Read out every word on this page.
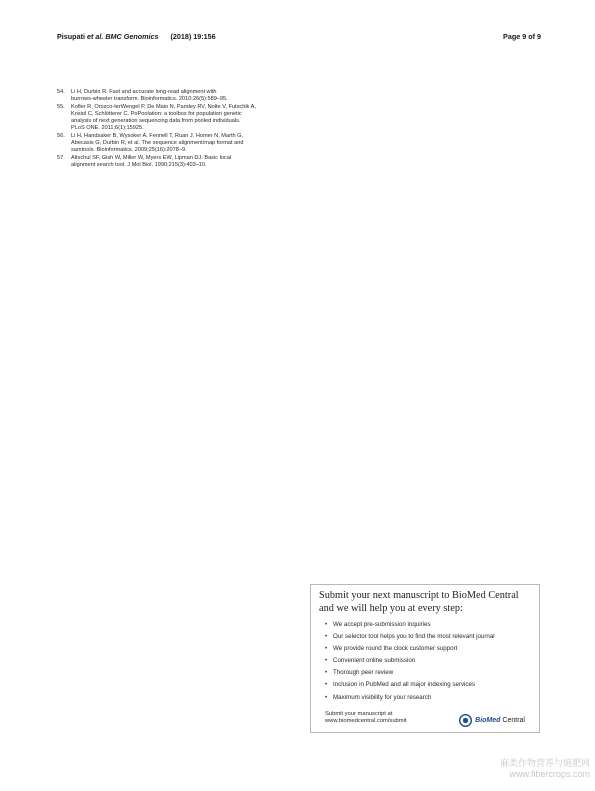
Pisupati et al. BMC Genomics (2018) 19:156	Page 9 of 9
54. Li H, Durbin R. Fast and accurate long-read alignment with
burrows-wheeler transform. Bioinformatics. 2010;26(5):589–95.
55. Kofler R, Orozco-terWengel P, De Maio N, Pandey RV, Nolte V, Futschik A,
Kosiol C, Schlötterer C. PoPoolation: a toolbox for population genetic
analysis of next generation sequencing data from pooled individuals.
PLoS ONE. 2011;6(1):15925.
56. Li H, Handsaker B, Wysoker A, Fennell T, Ruan J, Homer N, Marth G,
Abecasis G, Durbin R, et al. The sequence alignment/map format and
samtools. Bioinformatics. 2009;25(16):2078–9.
57. Altschul SF, Gish W, Miller W, Myers EW, Lipman DJ. Basic local
alignment search tool. J Mol Biol. 1990;215(3):403–10.
Submit your next manuscript to BioMed Central
and we will help you at every step:
• We accept pre-submission inquiries
• Our selector tool helps you to find the most relevant journal
• We provide round the clock customer support
• Convenient online submission
• Thorough peer review
• Inclusion in PubMed and all major indexing services
• Maximum visibility for your research
Submit your manuscript at
www.biomedcentral.com/submit	BioMed Central
麻类作物营养与施肥网
www.fibercrops.com
